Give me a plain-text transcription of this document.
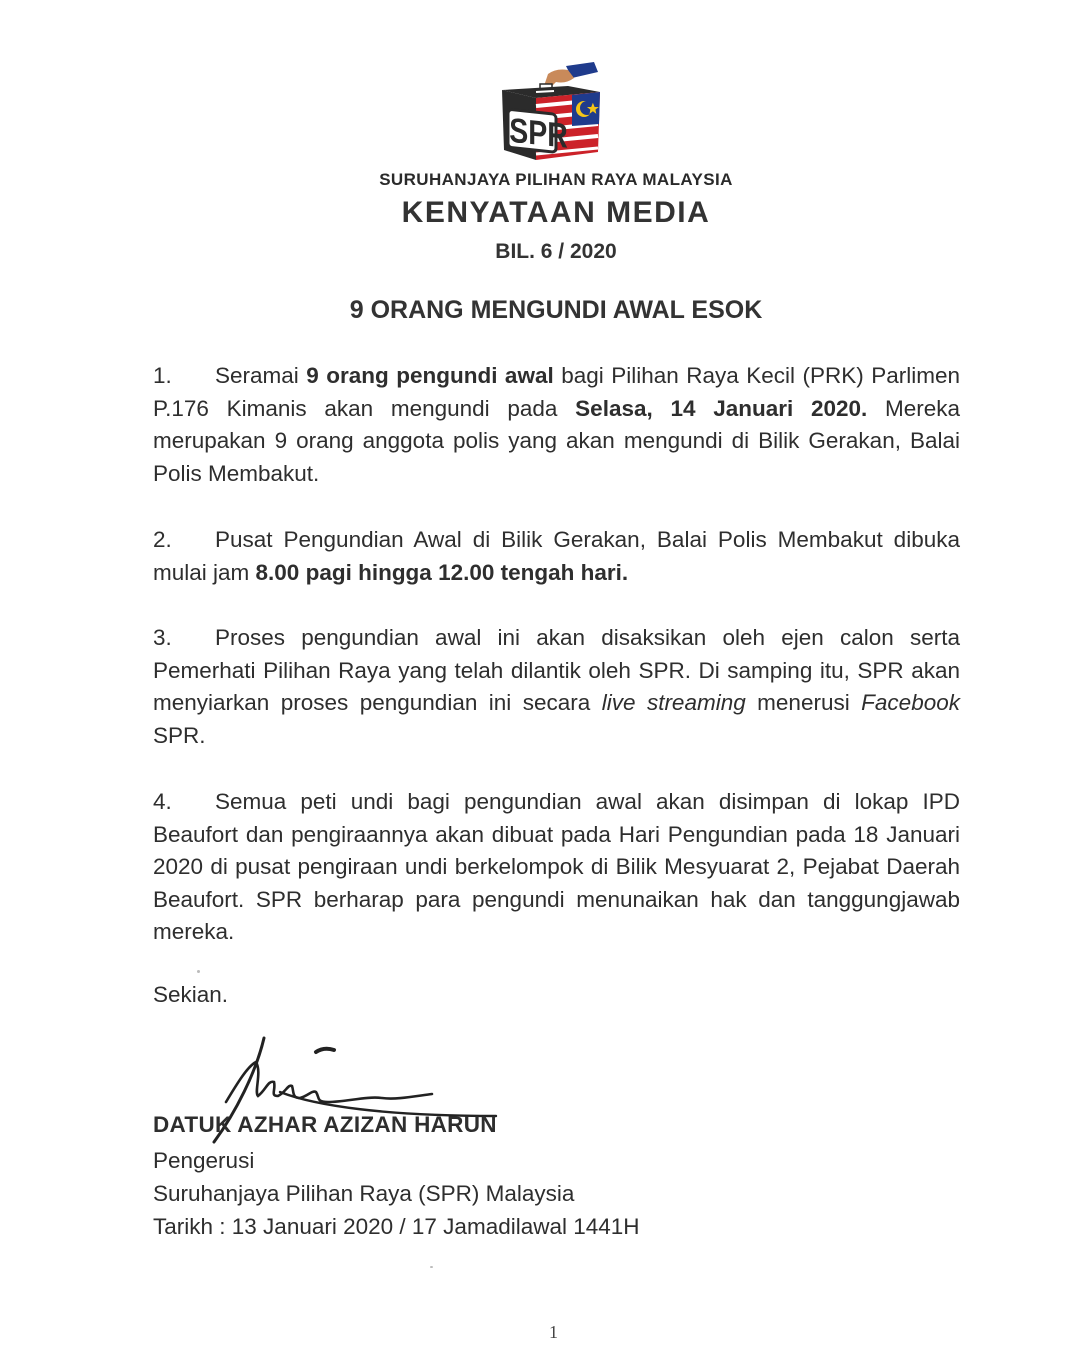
SPR
SURUHANJAYA PILIHAN RAYA MALAYSIA
KENYATAAN MEDIA
BIL. 6 / 2020
9 ORANG MENGUNDI AWAL ESOK
1. Seramai 9 orang pengundi awal bagi Pilihan Raya Kecil (PRK) Parlimen P.176 Kimanis akan mengundi pada Selasa, 14 Januari 2020. Mereka merupakan 9 orang anggota polis yang akan mengundi di Bilik Gerakan, Balai Polis Membakut.
2. Pusat Pengundian Awal di Bilik Gerakan, Balai Polis Membakut dibuka mulai jam 8.00 pagi hingga 12.00 tengah hari.
3. Proses pengundian awal ini akan disaksikan oleh ejen calon serta Pemerhati Pilihan Raya yang telah dilantik oleh SPR. Di samping itu, SPR akan menyiarkan proses pengundian ini secara live streaming menerusi Facebook SPR.
4. Semua peti undi bagi pengundian awal akan disimpan di lokap IPD Beaufort dan pengiraannya akan dibuat pada Hari Pengundian pada 18 Januari 2020 di pusat pengiraan undi berkelompok di Bilik Mesyuarat 2, Pejabat Daerah Beaufort. SPR berharap para pengundi menunaikan hak dan tanggungjawab mereka.
Sekian.
DATUK AZHAR AZIZAN HARUN
Pengerusi
Suruhanjaya Pilihan Raya (SPR) Malaysia
Tarikh : 13 Januari 2020 / 17 Jamadilawal 1441H
1
